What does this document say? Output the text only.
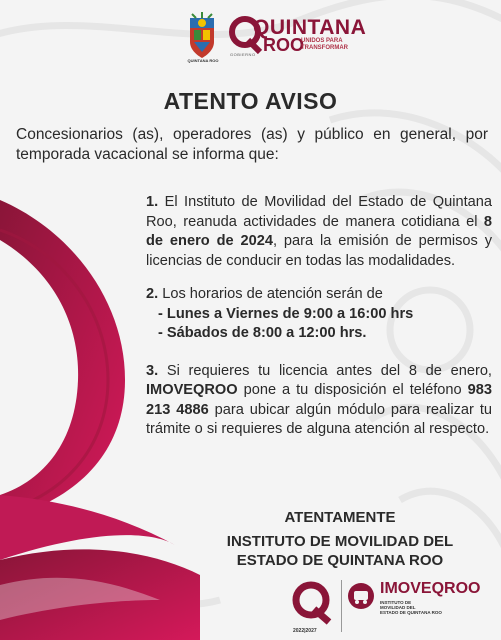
QUINTANA ROO
QUINTANA
ROO
UNIDOS PARA
TRANSFORMAR
GOBIERNO
ATENTO AVISO
Concesionarios (as), operadores (as) y público en general, por temporada vacacional se informa que:

1. El Instituto de Movilidad del Estado de Quintana Roo, reanuda actividades de manera cotidiana el 8 de enero de 2024, para la emisión de permisos y licencias de conducir en todas las modalidades.

2. Los horarios de atención serán de
- Lunes a Viernes de 9:00 a 16:00 hrs
- Sábados de 8:00 a 12:00 hrs.

3. Si requieres tu licencia antes del 8 de enero, IMOVEQROO pone a tu disposición el teléfono 983 213 4886 para ubicar algún módulo para realizar tu trámite o si requieres de alguna atención al respecto.

ATENTAMENTE
INSTITUTO DE MOVILIDAD DEL
ESTADO DE QUINTANA ROO
2022|2027
IMOVEQROO
INSTITUTO DE
MOVILIDAD DEL
ESTADO DE QUINTANA ROO
